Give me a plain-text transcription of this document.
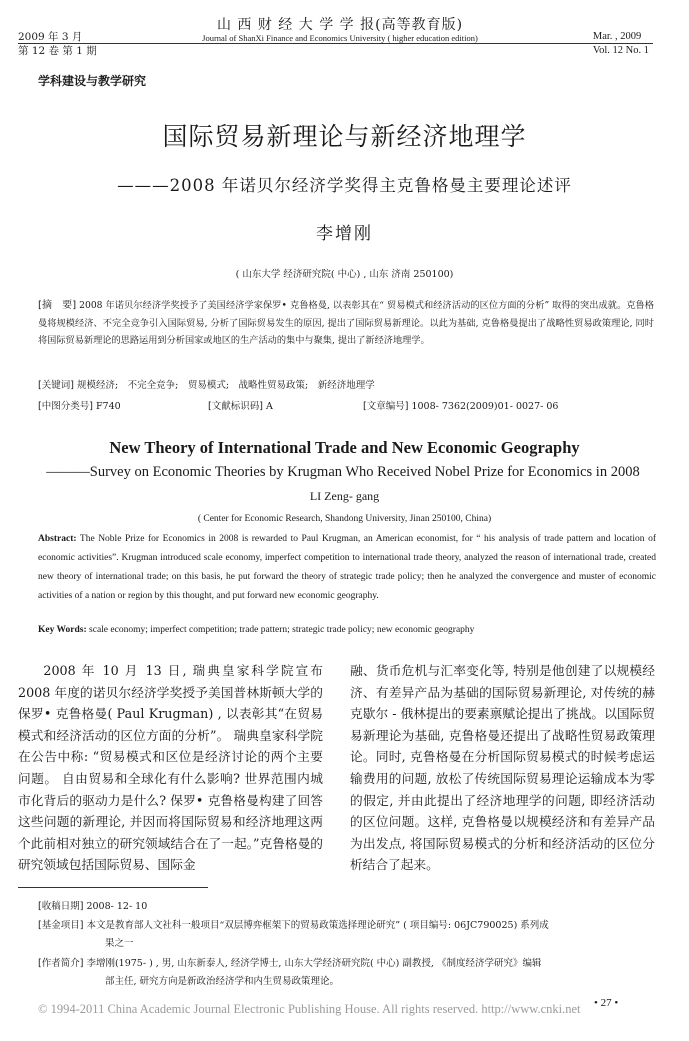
山 西 财 经 大 学 学 报(高等教育版)
Journal of ShanXi Finance and Economics University ( higher education edition)
2009 年 3 月
第 12 卷 第 1 期
Mar. , 2009
Vol. 12 No. 1
学科建设与教学研究
国际贸易新理论与新经济地理学
———2008 年诺贝尔经济学奖得主克鲁格曼主要理论述评
李增刚
( 山东大学 经济研究院( 中心) , 山东 济南 250100)
[摘　要] 2008 年诺贝尔经济学奖授予了美国经济学家保罗• 克鲁格曼, 以表彰其在“ 贸易模式和经济活动的区位方面的分析” 取得的突出成就。克鲁格曼将规模经济、不完全竞争引入国际贸易, 分析了国际贸易发生的原因, 提出了国际贸易新理论。以此为基础, 克鲁格曼提出了战略性贸易政策理论, 同时将国际贸易新理论的思路运用到分析国家或地区的生产活动的集中与聚集, 提出了新经济地理学。
[关键词] 规模经济;　不完全竞争;　贸易模式;　战略性贸易政策;　新经济地理学
[中图分类号] F740	[文献标识码] A	[文章编号] 1008- 7362(2009)01- 0027- 06
New Theory of International Trade and New Economic Geography
———Survey on Economic Theories by Krugman Who Received Nobel Prize for Economics in 2008
LI Zeng- gang
( Center for Economic Research, Shandong University, Jinan 250100, China)
Abstract: The Noble Prize for Economics in 2008 is rewarded to Paul Krugman, an American economist, for “ his analysis of trade pattern and location of economic activities”. Krugman introduced scale economy, imperfect competition to international trade theory, analyzed the reason of international trade, created new theory of international trade; on this basis, he put forward the theory of strategic trade policy; then he analyzed the convergence and muster of economic activities of a nation or region by this thought, and put forward new economic geography.
Key Words: scale economy; imperfect competition; trade pattern; strategic trade policy; new economic geography
2008 年 10 月 13 日, 瑞典皇家科学院宣布 2008 年度的诺贝尔经济学奖授予美国普林斯顿大学的保罗• 克鲁格曼( Paul Krugman) , 以表彰其“在贸易模式和经济活动的区位方面的分析”。 瑞典皇家科学院在公告中称: “贸易模式和区位是经济讨论的两个主要问题。 自由贸易和全球化有什么影响? 世界范围内城市化背后的驱动力是什么? 保罗• 克鲁格曼构建了回答这些问题的新理论, 并因而将国际贸易和经济地理这两个此前相对独立的研究领域结合在了一起。”克鲁格曼的研究领域包括国际贸易、国际金
融、货币危机与汇率变化等, 特别是他创建了以规模经济、有差异产品为基础的国际贸易新理论, 对传统的赫克歇尔 - 俄林提出的要素禀赋论提出了挑战。以国际贸易新理论为基础, 克鲁格曼还提出了战略性贸易政策理论。同时, 克鲁格曼在分析国际贸易模式的时候考虑运输费用的问题, 放松了传统国际贸易理论运输成本为零的假定, 并由此提出了经济地理学的问题, 即经济活动的区位问题。这样, 克鲁格曼以规模经济和有差异产品为出发点, 将国际贸易模式的分析和经济活动的区位分析结合了起来。
[收稿日期] 2008- 12- 10
[基金项目] 本文是教育部人文社科一般项目“双层博弈框架下的贸易政策选择理论研究” ( 项目编号: 06JC790025) 系列成
果之一
[作者简介] 李增刚(1975- ) , 男, 山东新泰人, 经济学博士, 山东大学经济研究院( 中心) 副教授, 《制度经济学研究》编辑
部主任, 研究方向是新政治经济学和内生贸易政策理论。
© 1994-2011 China Academic Journal Electronic Publishing House. All rights reserved. http://www.cnki.net • 27 •
